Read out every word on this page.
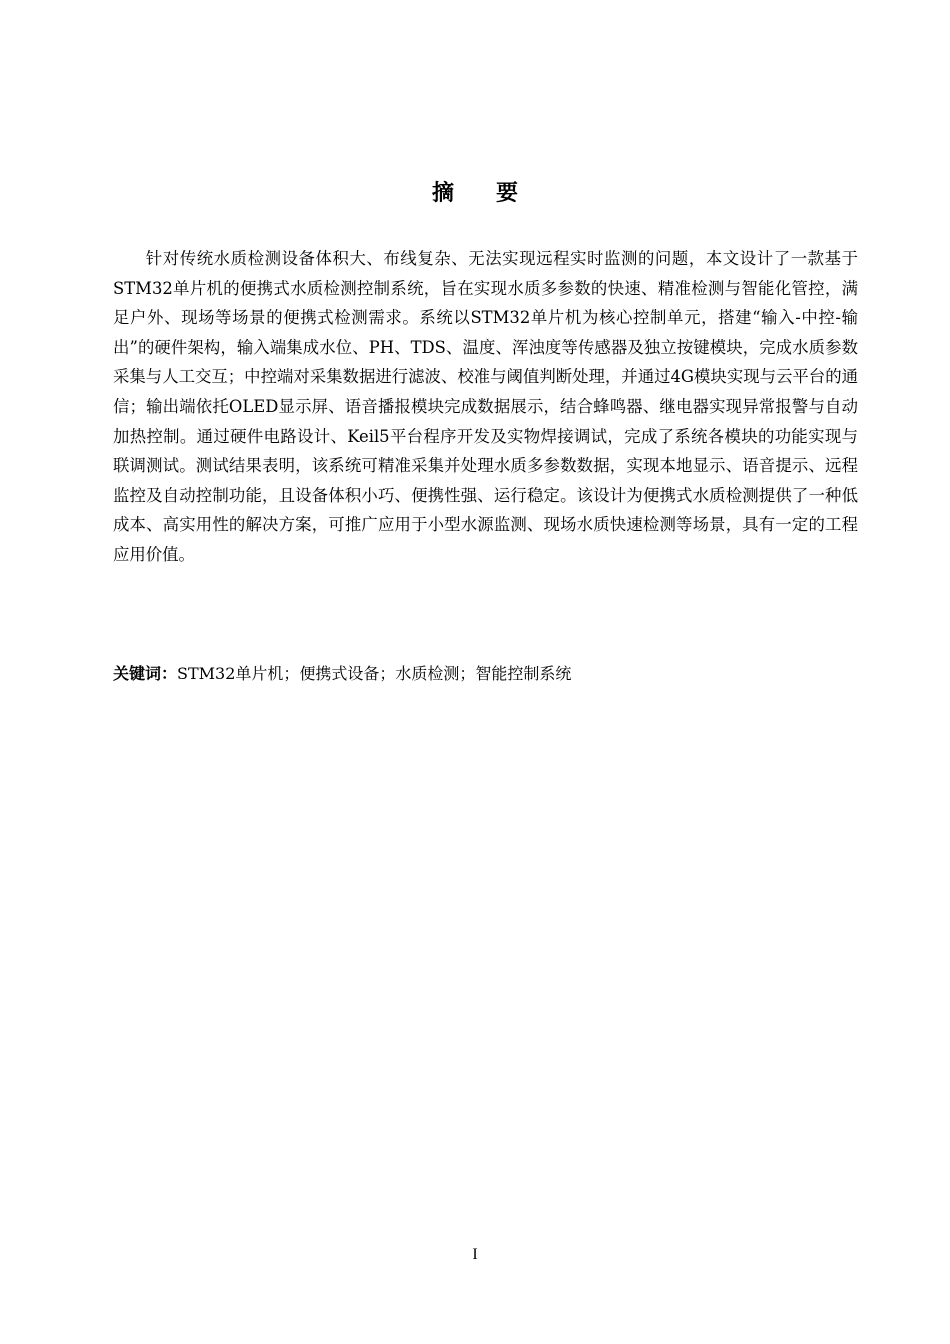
摘 要

针对传统水质检测设备体积大、布线复杂、无法实现远程实时监测的问题，本文设计了一款基于STM32单片机的便携式水质检测控制系统，旨在实现水质多参数的快速、精准检测与智能化管控，满足户外、现场等场景的便携式检测需求。系统以STM32单片机为核心控制单元，搭建“输入-中控-输出”的硬件架构，输入端集成水位、PH、TDS、温度、浑浊度等传感器及独立按键模块，完成水质参数采集与人工交互；中控端对采集数据进行滤波、校准与阈值判断处理，并通过4G模块实现与云平台的通信；输出端依托OLED显示屏、语音播报模块完成数据展示，结合蜂鸣器、继电器实现异常报警与自动加热控制。通过硬件电路设计、Keil5平台程序开发及实物焊接调试，完成了系统各模块的功能实现与联调测试。测试结果表明，该系统可精准采集并处理水质多参数数据，实现本地显示、语音提示、远程监控及自动控制功能，且设备体积小巧、便携性强、运行稳定。该设计为便携式水质检测提供了一种低成本、高实用性的解决方案，可推广应用于小型水源监测、现场水质快速检测等场景，具有一定的工程应用价值。

关键词：STM32单片机；便携式设备；水质检测；智能控制系统

I
